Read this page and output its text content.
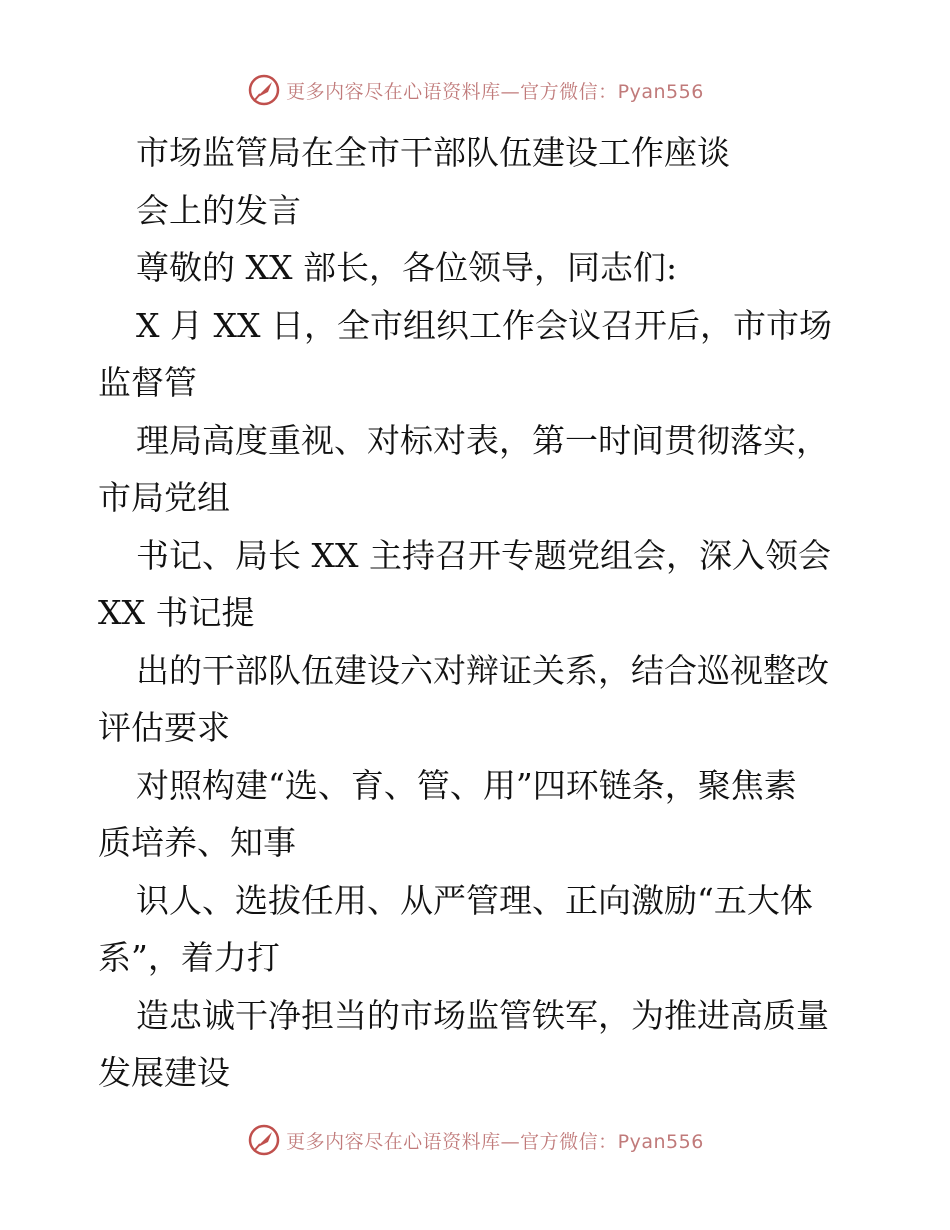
更多内容尽在心语资料库—官方微信：Pyan556
市场监管局在全市干部队伍建设工作座谈
会上的发言
尊敬的 XX 部长，各位领导，同志们:
X 月 XX 日，全市组织工作会议召开后，市市场
监督管
理局高度重视、对标对表，第一时间贯彻落实，
市局党组
书记、局长 XX 主持召开专题党组会，深入领会
XX 书记提
出的干部队伍建设六对辩证关系，结合巡视整改
评估要求
对照构建“选、育、管、用”四环链条，聚焦素
质培养、知事
识人、选拔任用、从严管理、正向激励“五大体
系”，着力打
造忠诚干净担当的市场监管铁军，为推进高质量
发展建设
更多内容尽在心语资料库—官方微信：Pyan556
